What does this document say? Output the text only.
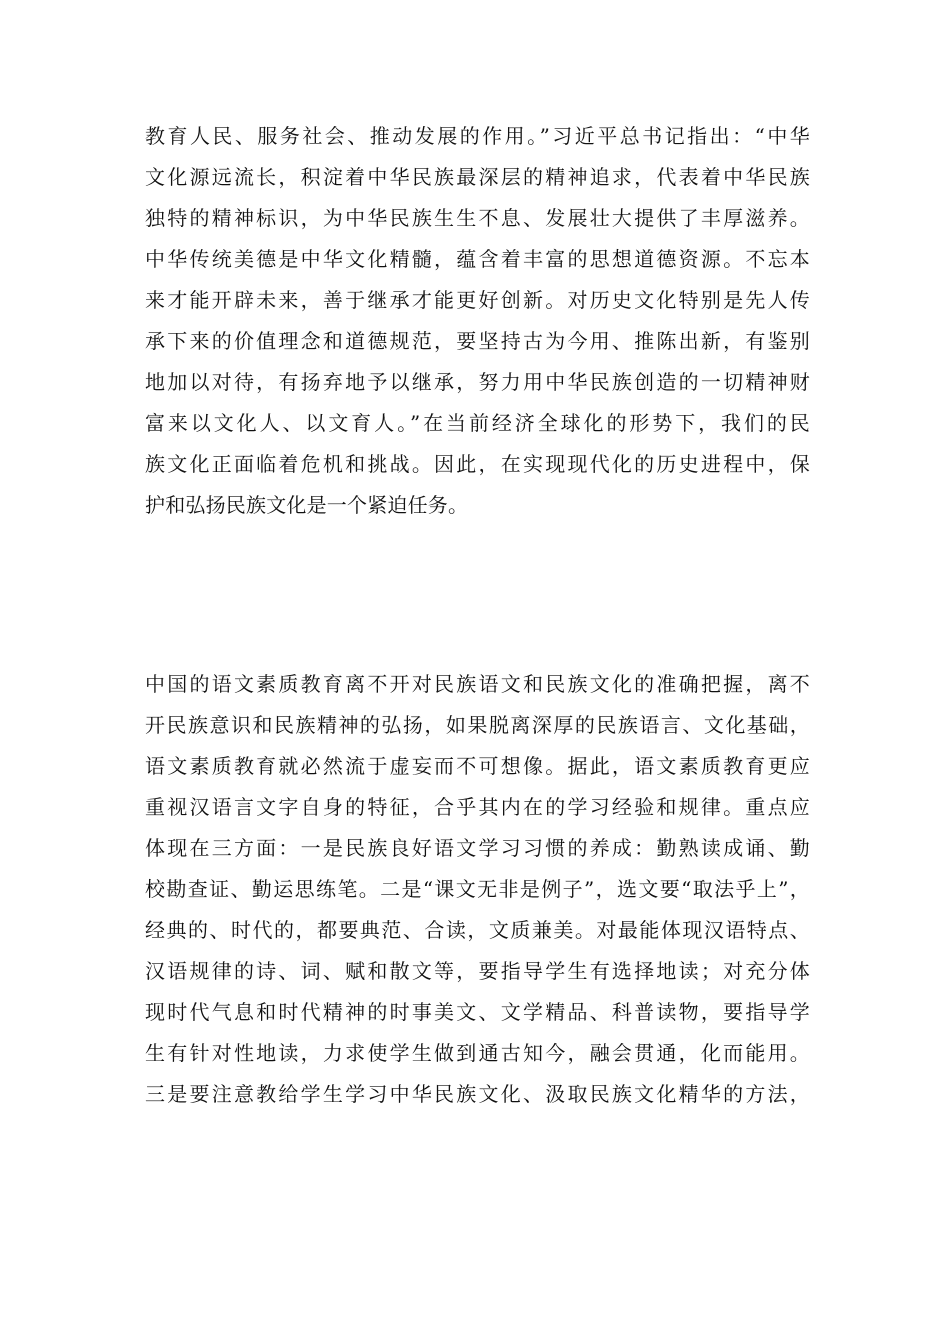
教育人民、服务社会、推动发展的作用。”习近平总书记指出：“中华
文化源远流长，积淀着中华民族最深层的精神追求，代表着中华民族
独特的精神标识，为中华民族生生不息、发展壮大提供了丰厚滋养。
中华传统美德是中华文化精髓，蕴含着丰富的思想道德资源。不忘本
来才能开辟未来，善于继承才能更好创新。对历史文化特别是先人传
承下来的价值理念和道德规范，要坚持古为今用、推陈出新，有鉴别
地加以对待，有扬弃地予以继承，努力用中华民族创造的一切精神财
富来以文化人、以文育人。”在当前经济全球化的形势下，我们的民
族文化正面临着危机和挑战。因此，在实现现代化的历史进程中，保
护和弘扬民族文化是一个紧迫任务。

中国的语文素质教育离不开对民族语文和民族文化的准确把握，离不
开民族意识和民族精神的弘扬，如果脱离深厚的民族语言、文化基础，
语文素质教育就必然流于虚妄而不可想像。据此，语文素质教育更应
重视汉语言文字自身的特征，合乎其内在的学习经验和规律。重点应
体现在三方面：一是民族良好语文学习习惯的养成：勤熟读成诵、勤
校勘查证、勤运思练笔。二是“课文无非是例子”，选文要“取法乎上”，
经典的、时代的，都要典范、合读，文质兼美。对最能体现汉语特点、
汉语规律的诗、词、赋和散文等，要指导学生有选择地读；对充分体
现时代气息和时代精神的时事美文、文学精品、科普读物，要指导学
生有针对性地读，力求使学生做到通古知今，融会贯通，化而能用。
三是要注意教给学生学习中华民族文化、汲取民族文化精华的方法，
